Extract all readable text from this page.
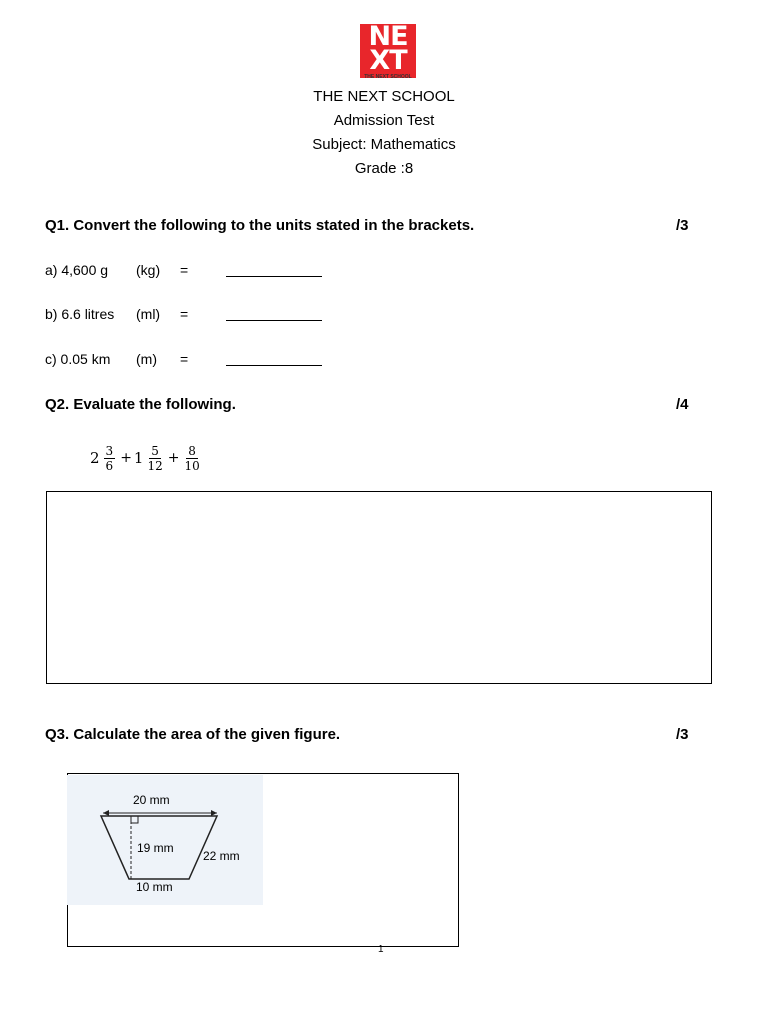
NE
XT
THE NEXT SCHOOL
THE NEXT SCHOOL
Admission Test
Subject: Mathematics
Grade :8
Q1. Convert the following to the units stated in the brackets.	/3
a) 4,600 g (kg) =
b) 6.6 litres (ml) =
c) 0.05 km (m) =
Q2. Evaluate the following.	/4
$2 \frac{3}{6} + 1 \frac{5}{12} + \frac{8}{10}$
Q3. Calculate the area of the given figure.	/3
20 mm
19 mm
22 mm
10 mm
1
